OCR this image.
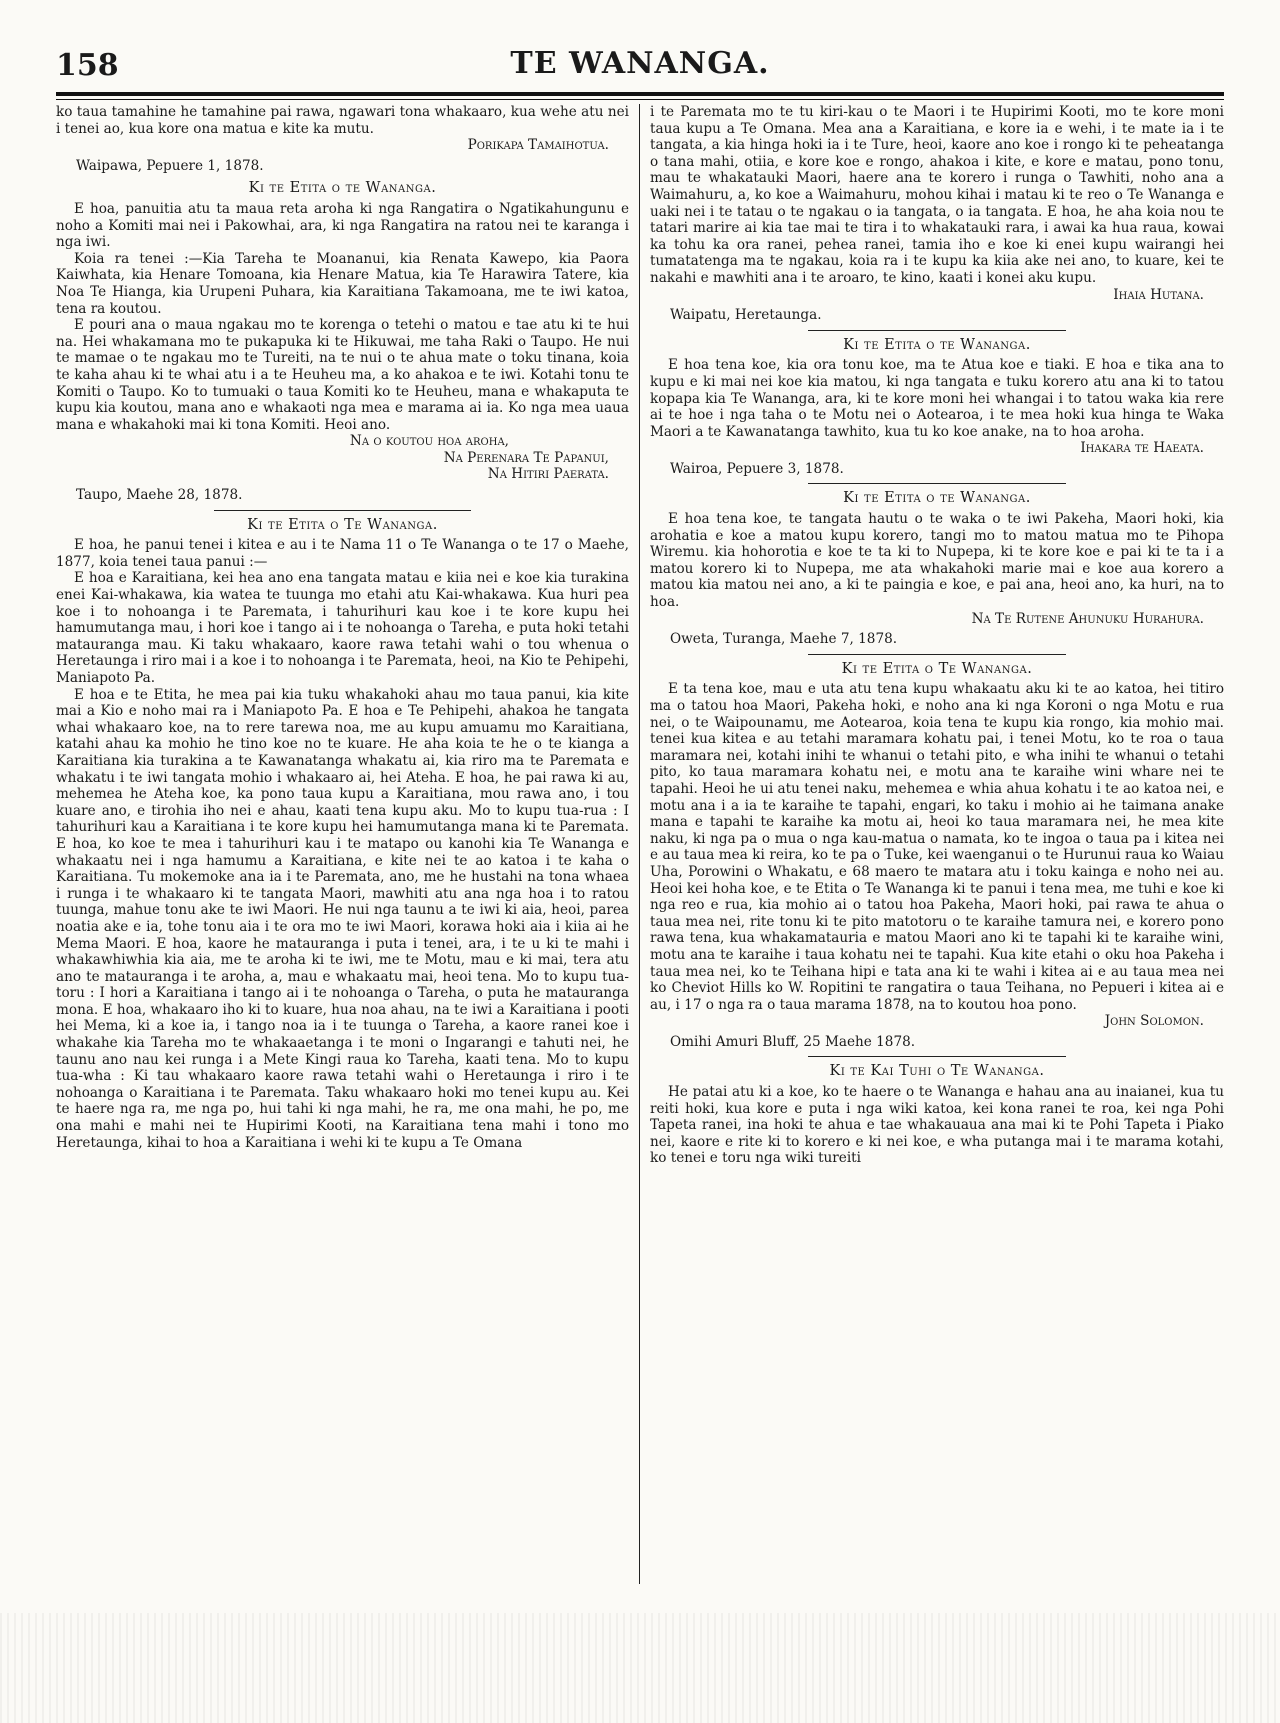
158	TE WANANGA.

ko taua tamahine he tamahine pai rawa, ngawari tona whakaaro, kua wehe atu nei i tenei ao, kua kore ona matua e kite ka mutu.

Porikapa Tamaihotua.
Waipawa, Pepuere 1, 1878.
Ki te Etita o te Wananga.

E hoa, panuitia atu ta maua reta aroha ki nga Rangatira o Ngatikahungunu e noho a Komiti mai nei i Pakowhai, ara, ki nga Rangatira na ratou nei te karanga i nga iwi.

Koia ra tenei :—Kia Tareha te Moananui, kia Renata Kawepo, kia Paora Kaiwhata, kia Henare Tomoana, kia Henare Matua, kia Te Harawira Tatere, kia Noa Te Hianga, kia Urupeni Puhara, kia Karaitiana Takamoana, me te iwi katoa, tena ra koutou.

E pouri ana o maua ngakau mo te korenga o tetehi o matou e tae atu ki te hui na. Hei whakamana mo te pukapuka ki te Hikuwai, me taha Raki o Taupo. He nui te mamae o te ngakau mo te Tureiti, na te nui o te ahua mate o toku tinana, koia te kaha ahau ki te whai atu i a te Heuheu ma, a ko ahakoa e te iwi. Kotahi tonu te Komiti o Taupo. Ko to tumuaki o taua Komiti ko te Heuheu, mana e whakaputa te kupu kia koutou, mana ano e whakaoti nga mea e marama ai ia. Ko nga mea uaua mana e whakahoki mai ki tona Komiti. Heoi ano.

Na o koutou hoa aroha,
Na Perenara Te Papanui,
Na Hitiri Paerata.
Taupo, Maehe 28, 1878.
Ki te Etita o Te Wananga.

E hoa, he panui tenei i kitea e au i te Nama 11 o Te Wananga o te 17 o Maehe, 1877, koia tenei taua panui :—

E hoa e Karaitiana, kei hea ano ena tangata matau e kiia nei e koe kia turakina enei Kai-whakawa, kia watea te tuunga mo etahi atu Kai-whakawa. Kua huri pea koe i to nohoanga i te Paremata, i tahurihuri kau koe i te kore kupu hei hamumutanga mau, i hori koe i tango ai i te nohoanga o Tareha, e puta hoki tetahi matauranga mau. Ki taku whakaaro, kaore rawa tetahi wahi o tou whenua o Heretaunga i riro mai i a koe i to nohoanga i te Paremata, heoi, na Kio te Pehipehi, Maniapoto Pa.

E hoa e te Etita, he mea pai kia tuku whakahoki ahau mo taua panui, kia kite mai a Kio e noho mai ra i Maniapoto Pa. E hoa e Te Pehipehi, ahakoa he tangata whai whakaaro koe, na to rere tarewa noa, me au kupu amuamu mo Karaitiana, katahi ahau ka mohio he tino koe no te kuare. He aha koia te he o te kianga a Karaitiana kia turakina a te Kawanatanga whakatu ai, kia riro ma te Paremata e whakatu i te iwi tangata mohio i whakaaro ai, hei Ateha. E hoa, he pai rawa ki au, mehemea he Ateha koe, ka pono taua kupu a Karaitiana, mou rawa ano, i tou kuare ano, e tirohia iho nei e ahau, kaati tena kupu aku. Mo to kupu tua-rua : I tahurihuri kau a Karaitiana i te kore kupu hei hamumutanga mana ki te Paremata. E hoa, ko koe te mea i tahurihuri kau i te matapo ou kanohi kia Te Wananga e whakaatu nei i nga hamumu a Karaitiana, e kite nei te ao katoa i te kaha o Karaitiana. Tu mokemoke ana ia i te Paremata, ano, me he hustahi na tona whaea i runga i te whakaaro ki te tangata Maori, mawhiti atu ana nga hoa i to ratou tuunga, mahue tonu ake te iwi Maori. He nui nga taunu a te iwi ki aia, heoi, parea noatia ake e ia, tohe tonu aia i te ora mo te iwi Maori, korawa hoki aia i kiia ai he Mema Maori. E hoa, kaore he matauranga i puta i tenei, ara, i te u ki te mahi i whakawhiwhia kia aia, me te aroha ki te iwi, me te Motu, mau e ki mai, tera atu ano te matauranga i te aroha, a, mau e whakaatu mai, heoi tena. Mo to kupu tua-toru : I hori a Karaitiana i tango ai i te nohoanga o Tareha, o puta he matauranga mona. E hoa, whakaaro iho ki to kuare, hua noa ahau, na te iwi a Karaitiana i pooti hei Mema, ki a koe ia, i tango noa ia i te tuunga o Tareha, a kaore ranei koe i whakahe kia Tareha mo te whakaaetanga i te moni o Ingarangi e tahuti nei, he taunu ano nau kei runga i a Mete Kingi raua ko Tareha, kaati tena. Mo to kupu tua-wha : Ki tau whakaaro kaore rawa tetahi wahi o Heretaunga i riro i te nohoanga o Karaitiana i te Paremata. Taku whakaaro hoki mo tenei kupu au. Kei te haere nga ra, me nga po, hui tahi ki nga mahi, he ra, me ona mahi, he po, me ona mahi e mahi nei te Hupirimi Kooti, na Karaitiana tena mahi i tono mo Heretaunga, kihai to hoa a Karaitiana i wehi ki te kupu a Te Omana

i te Paremata mo te tu kiri-kau o te Maori i te Hupirimi Kooti, mo te kore moni taua kupu a Te Omana. Mea ana a Karaitiana, e kore ia e wehi, i te mate ia i te tangata, a kia hinga hoki ia i te Ture, heoi, kaore ano koe i rongo ki te peheatanga o tana mahi, otiia, e kore koe e rongo, ahakoa i kite, e kore e matau, pono tonu, mau te whakatauki Maori, haere ana te korero i runga o Tawhiti, noho ana a Waimahuru, a, ko koe a Waimahuru, mohou kihai i matau ki te reo o Te Wananga e uaki nei i te tatau o te ngakau o ia tangata, o ia tangata. E hoa, he aha koia nou te tatari marire ai kia tae mai te tira i to whakatauki rara, i awai ka hua raua, kowai ka tohu ka ora ranei, pehea ranei, tamia iho e koe ki enei kupu wairangi hei tumatatenga ma te ngakau, koia ra i te kupu ka kiia ake nei ano, to kuare, kei te nakahi e mawhiti ana i te aroaro, te kino, kaati i konei aku kupu.

Ihaia Hutana.
Waipatu, Heretaunga.
Ki te Etita o te Wananga.

E hoa tena koe, kia ora tonu koe, ma te Atua koe e tiaki. E hoa e tika ana to kupu e ki mai nei koe kia matou, ki nga tangata e tuku korero atu ana ki to tatou kopapa kia Te Wananga, ara, ki te kore moni hei whangai i to tatou waka kia rere ai te hoe i nga taha o te Motu nei o Aotearoa, i te mea hoki kua hinga te Waka Maori a te Kawanatanga tawhito, kua tu ko koe anake, na to hoa aroha.

Ihakara te Haeata.
Wairoa, Pepuere 3, 1878.
Ki te Etita o te Wananga.

E hoa tena koe, te tangata hautu o te waka o te iwi Pakeha, Maori hoki, kia arohatia e koe a matou kupu korero, tangi mo to matou matua mo te Pihopa Wiremu. kia hohorotia e koe te ta ki to Nupepa, ki te kore koe e pai ki te ta i a matou korero ki to Nupepa, me ata whakahoki marie mai e koe aua korero a matou kia matou nei ano, a ki te paingia e koe, e pai ana, heoi ano, ka huri, na to hoa.

Na Te Rutene Ahunuku Hurahura.
Oweta, Turanga, Maehe 7, 1878.
Ki te Etita o Te Wananga.

E ta tena koe, mau e uta atu tena kupu whakaatu aku ki te ao katoa, hei titiro ma o tatou hoa Maori, Pakeha hoki, e noho ana ki nga Koroni o nga Motu e rua nei, o te Waipounamu, me Aotearoa, koia tena te kupu kia rongo, kia mohio mai. tenei kua kitea e au tetahi maramara kohatu pai, i tenei Motu, ko te roa o taua maramara nei, kotahi inihi te whanui o tetahi pito, e wha inihi te whanui o tetahi pito, ko taua maramara kohatu nei, e motu ana te karaihe wini whare nei te tapahi. Heoi he ui atu tenei naku, mehemea e whia ahua kohatu i te ao katoa nei, e motu ana i a ia te karaihe te tapahi, engari, ko taku i mohio ai he taimana anake mana e tapahi te karaihe ka motu ai, heoi ko taua maramara nei, he mea kite naku, ki nga pa o mua o nga kau-matua o namata, ko te ingoa o taua pa i kitea nei e au taua mea ki reira, ko te pa o Tuke, kei waenganui o te Hurunui raua ko Waiau Uha, Porowini o Whakatu, e 68 maero te matara atu i toku kainga e noho nei au. Heoi kei hoha koe, e te Etita o Te Wananga ki te panui i tena mea, me tuhi e koe ki nga reo e rua, kia mohio ai o tatou hoa Pakeha, Maori hoki, pai rawa te ahua o taua mea nei, rite tonu ki te pito matotoru o te karaihe tamura nei, e korero pono rawa tena, kua whakamatauria e matou Maori ano ki te tapahi ki te karaihe wini, motu ana te karaihe i taua kohatu nei te tapahi. Kua kite etahi o oku hoa Pakeha i taua mea nei, ko te Teihana hipi e tata ana ki te wahi i kitea ai e au taua mea nei ko Cheviot Hills ko W. Ropitini te rangatira o taua Teihana, no Pepueri i kitea ai e au, i 17 o nga ra o taua marama 1878, na to koutou hoa pono.

John Solomon.
Omihi Amuri Bluff, 25 Maehe 1878.
Ki te Kai Tuhi o Te Wananga.

He patai atu ki a koe, ko te haere o te Wananga e hahau ana au inaianei, kua tu reiti hoki, kua kore e puta i nga wiki katoa, kei kona ranei te roa, kei nga Pohi Tapeta ranei, ina hoki te ahua e tae whakauaua ana mai ki te Pohi Tapeta i Piako nei, kaore e rite ki to korero e ki nei koe, e wha putanga mai i te marama kotahi, ko tenei e toru nga wiki tureiti
